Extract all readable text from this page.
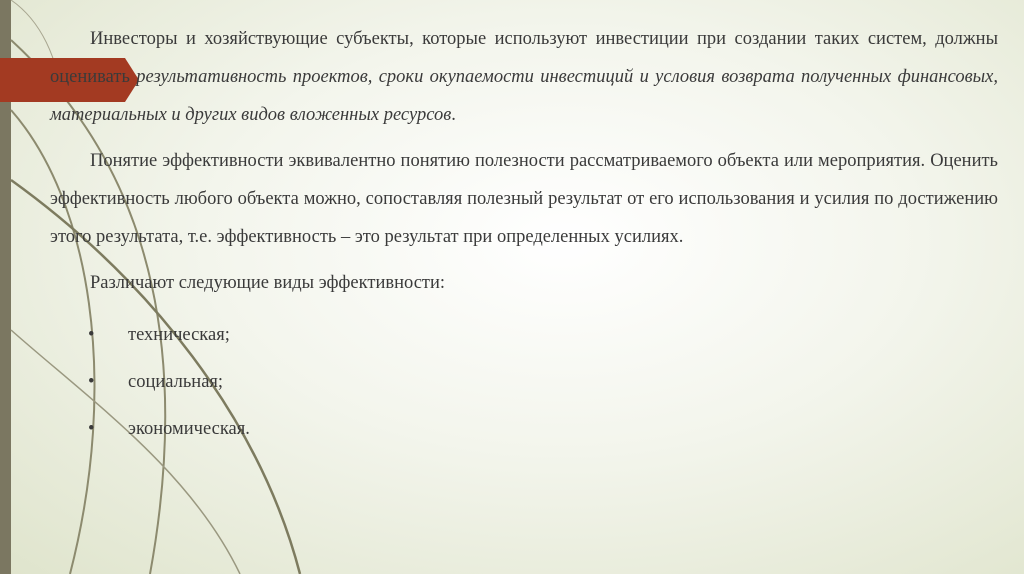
Инвесторы и хозяйствующие субъекты, которые используют инвестиции при создании таких систем, должны оценивать результативность проектов, сроки окупаемости инвестиций и условия возврата полученных финансовых, материальных и других видов вложенных ресурсов.

Понятие эффективности эквивалентно понятию полезности рассматриваемого объекта или мероприятия. Оценить эффективность любого объекта можно, сопоставляя полезный результат от его использования и усилия по достижению этого результата, т.е. эффективность – это результат при определенных усилиях.

Различают следующие виды эффективности:

• техническая;
• социальная;
• экономическая.
